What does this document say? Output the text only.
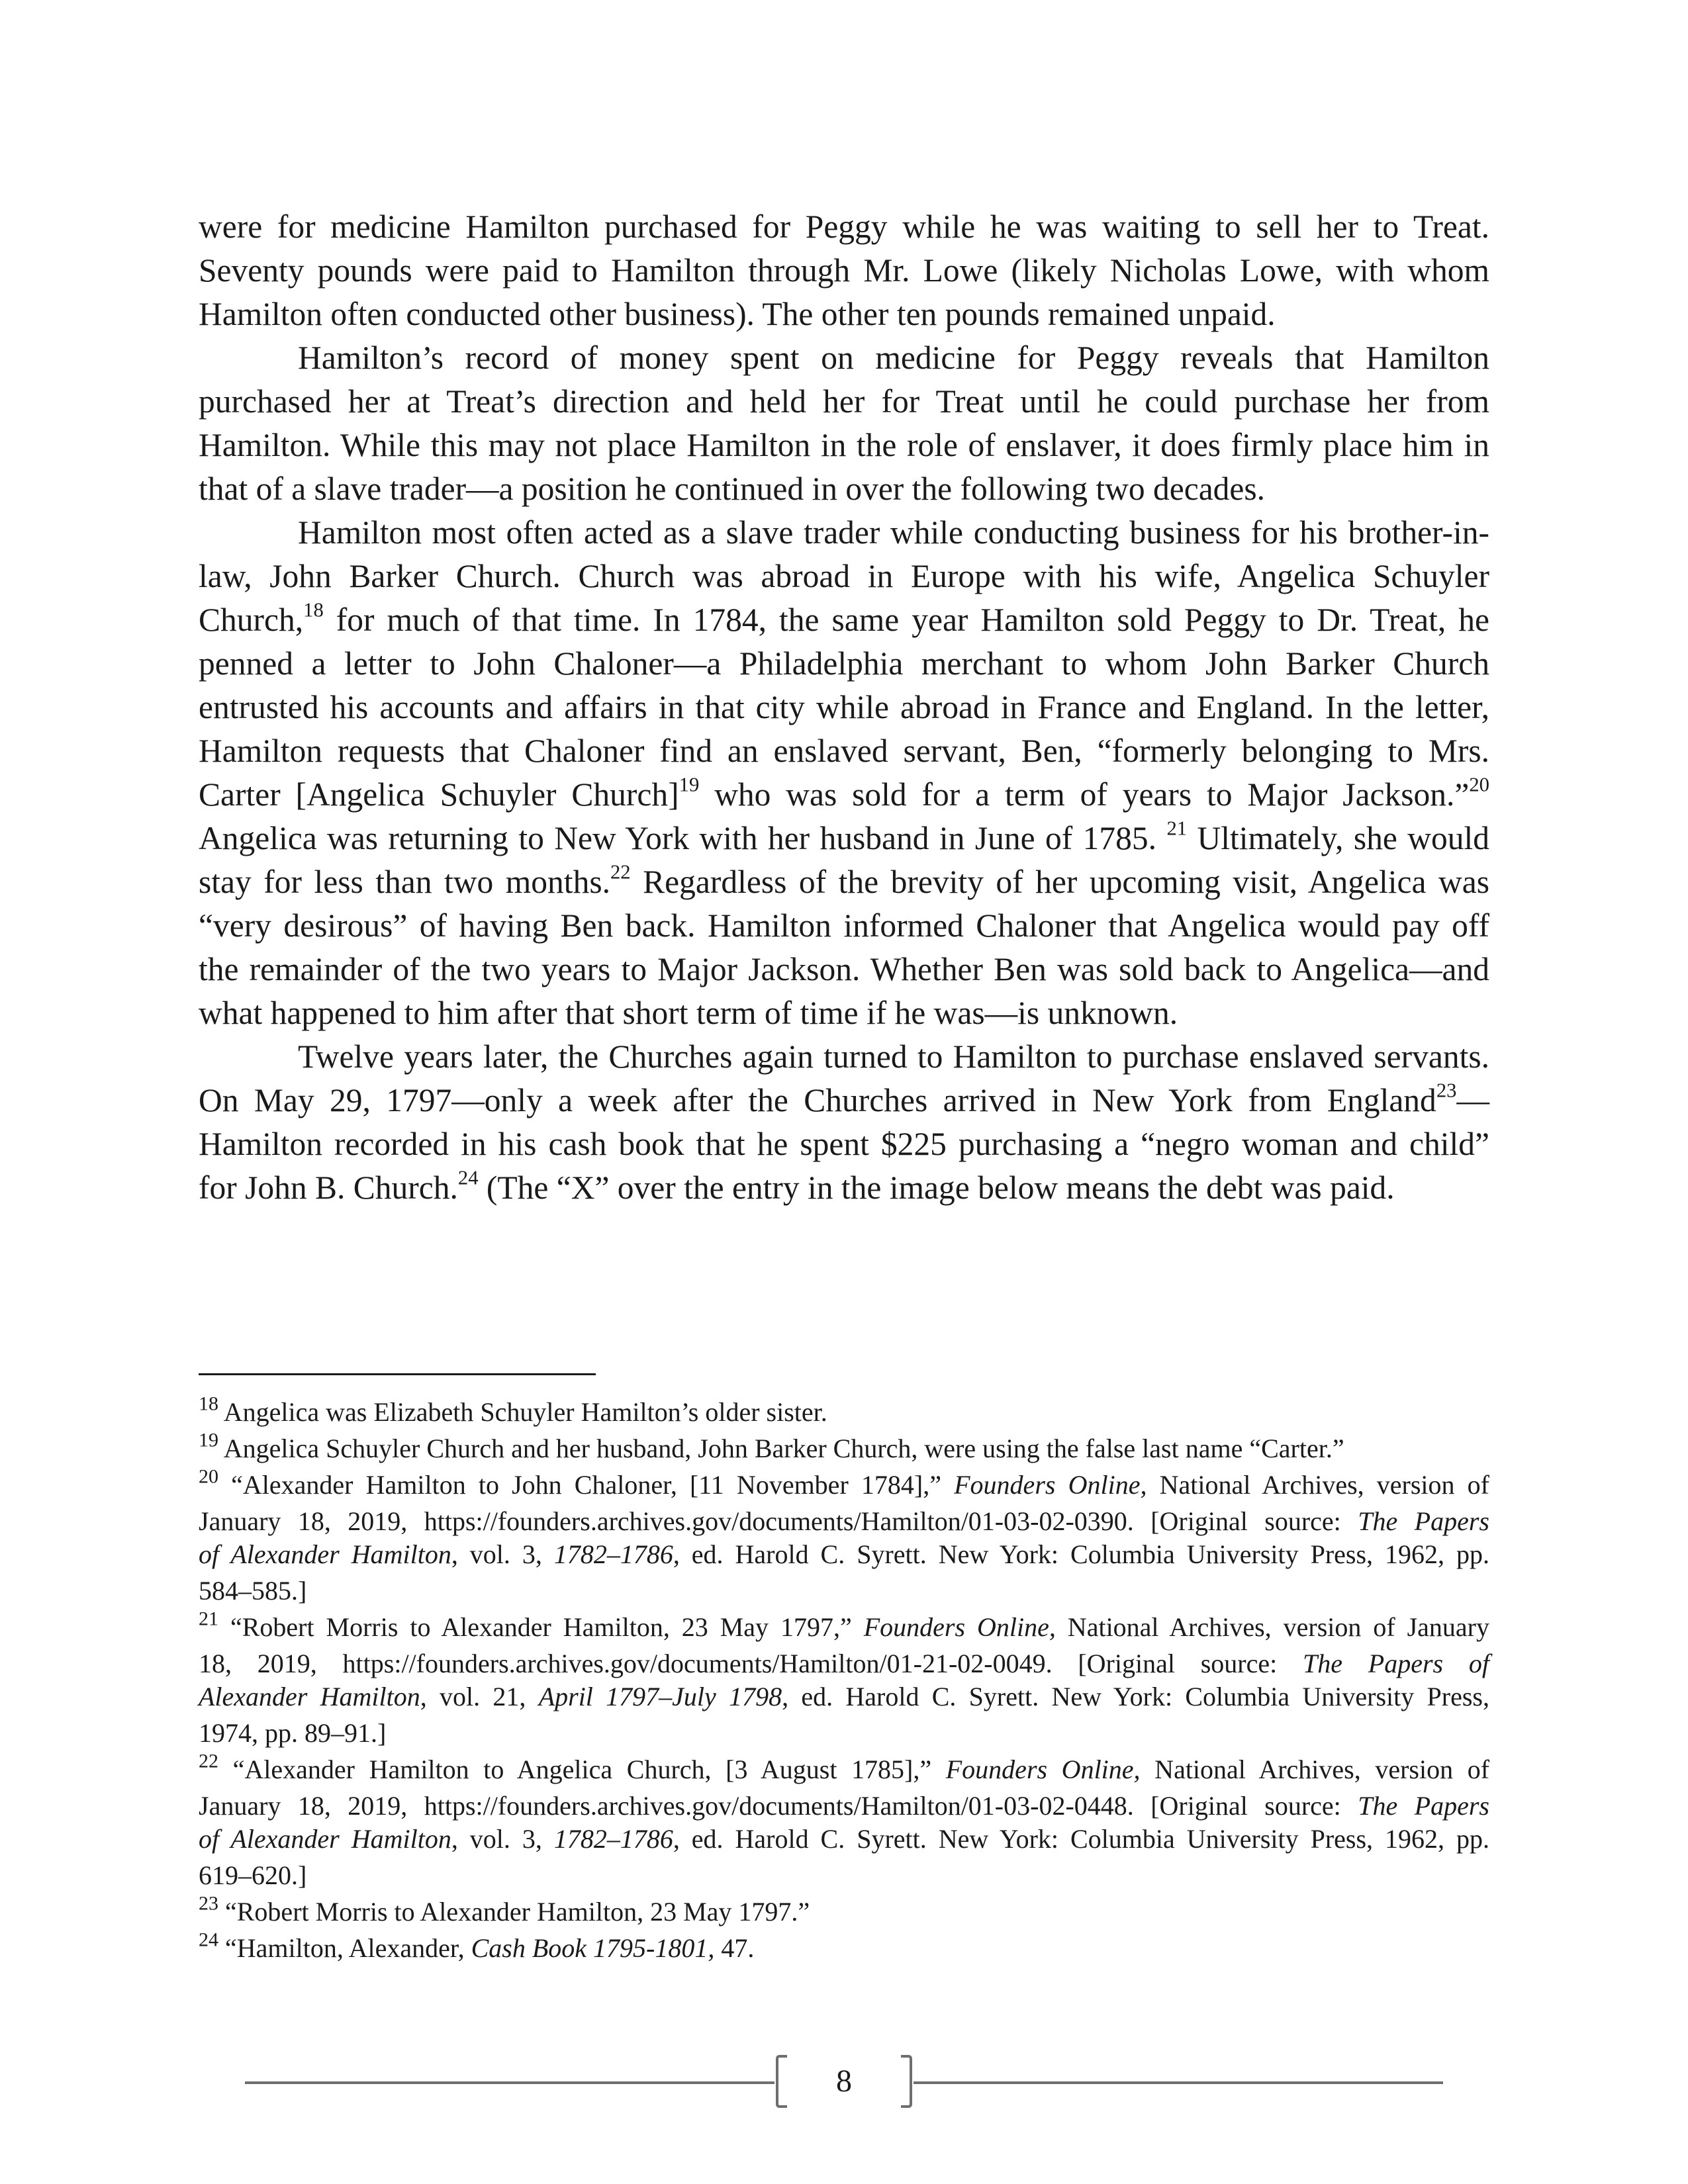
were for medicine Hamilton purchased for Peggy while he was waiting to sell her to Treat.
Seventy pounds were paid to Hamilton through Mr. Lowe (likely Nicholas Lowe, with whom
Hamilton often conducted other business). The other ten pounds remained unpaid.
Hamilton’s record of money spent on medicine for Peggy reveals that Hamilton
purchased her at Treat’s direction and held her for Treat until he could purchase her from
Hamilton. While this may not place Hamilton in the role of enslaver, it does firmly place him in
that of a slave trader—a position he continued in over the following two decades.
Hamilton most often acted as a slave trader while conducting business for his brother-in-
law, John Barker Church. Church was abroad in Europe with his wife, Angelica Schuyler
Church,$^{18}$ for much of that time. In 1784, the same year Hamilton sold Peggy to Dr. Treat, he
penned a letter to John Chaloner—a Philadelphia merchant to whom John Barker Church
entrusted his accounts and affairs in that city while abroad in France and England. In the letter,
Hamilton requests that Chaloner find an enslaved servant, Ben, “formerly belonging to Mrs.
Carter [Angelica Schuyler Church]$^{19}$ who was sold for a term of years to Major Jackson.”$^{20}$
Angelica was returning to New York with her husband in June of 1785. $^{21}$ Ultimately, she would
stay for less than two months.$^{22}$ Regardless of the brevity of her upcoming visit, Angelica was
“very desirous” of having Ben back. Hamilton informed Chaloner that Angelica would pay off
the remainder of the two years to Major Jackson. Whether Ben was sold back to Angelica—and
what happened to him after that short term of time if he was—is unknown.
Twelve years later, the Churches again turned to Hamilton to purchase enslaved servants.
On May 29, 1797—only a week after the Churches arrived in New York from England$^{23}$—
Hamilton recorded in his cash book that he spent $225 purchasing a “negro woman and child”
for John B. Church.$^{24}$ (The “X” over the entry in the image below means the debt was paid.
$^{18}$ Angelica was Elizabeth Schuyler Hamilton’s older sister.
$^{19}$ Angelica Schuyler Church and her husband, John Barker Church, were using the false last name “Carter.”
$^{20}$ “Alexander Hamilton to John Chaloner, [11 November 1784],” Founders Online, National Archives, version of
January 18, 2019, https://founders.archives.gov/documents/Hamilton/01-03-02-0390. [Original source: The Papers
of Alexander Hamilton, vol. 3, 1782–1786, ed. Harold C. Syrett. New York: Columbia University Press, 1962, pp.
584–585.]
$^{21}$ “Robert Morris to Alexander Hamilton, 23 May 1797,” Founders Online, National Archives, version of January
18, 2019, https://founders.archives.gov/documents/Hamilton/01-21-02-0049. [Original source: The Papers of
Alexander Hamilton, vol. 21, April 1797–July 1798, ed. Harold C. Syrett. New York: Columbia University Press,
1974, pp. 89–91.]
$^{22}$ “Alexander Hamilton to Angelica Church, [3 August 1785],” Founders Online, National Archives, version of
January 18, 2019, https://founders.archives.gov/documents/Hamilton/01-03-02-0448. [Original source: The Papers
of Alexander Hamilton, vol. 3, 1782–1786, ed. Harold C. Syrett. New York: Columbia University Press, 1962, pp.
619–620.]
$^{23}$ “Robert Morris to Alexander Hamilton, 23 May 1797.”
$^{24}$ “Hamilton, Alexander, Cash Book 1795-1801, 47.
8
